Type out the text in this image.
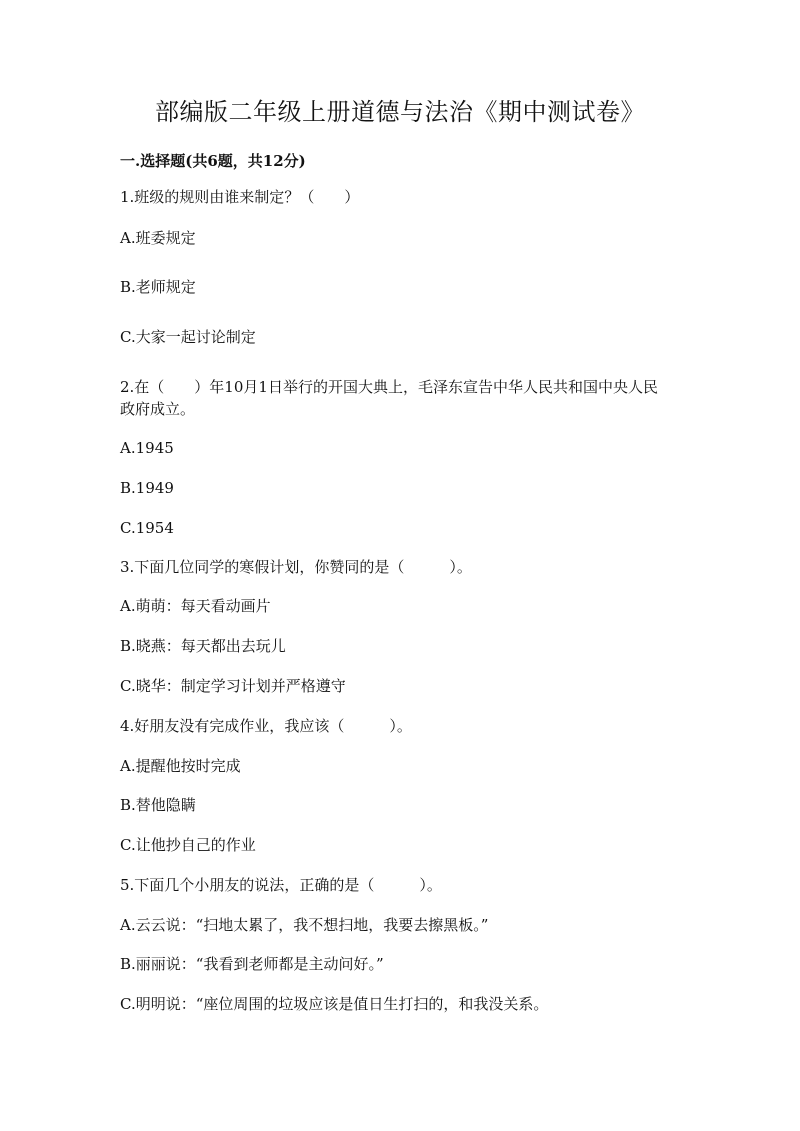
部编版二年级上册道德与法治《期中测试卷》
一.选择题(共6题，共12分)
1.班级的规则由谁来制定？（　　）
A.班委规定
B.老师规定
C.大家一起讨论制定
2.在（　　）年10月1日举行的开国大典上，毛泽东宣告中华人民共和国中央人民政府成立。
A.1945
B.1949
C.1954
3.下面几位同学的寒假计划，你赞同的是（　　　）。
A.萌萌：每天看动画片
B.晓燕：每天都出去玩儿
C.晓华：制定学习计划并严格遵守
4.好朋友没有完成作业，我应该（　　　）。
A.提醒他按时完成
B.替他隐瞒
C.让他抄自己的作业
5.下面几个小朋友的说法，正确的是（　　　）。
A.云云说：“扫地太累了，我不想扫地，我要去擦黑板。”
B.丽丽说：“我看到老师都是主动问好。”
C.明明说：“座位周围的垃圾应该是值日生打扫的，和我没关系。
